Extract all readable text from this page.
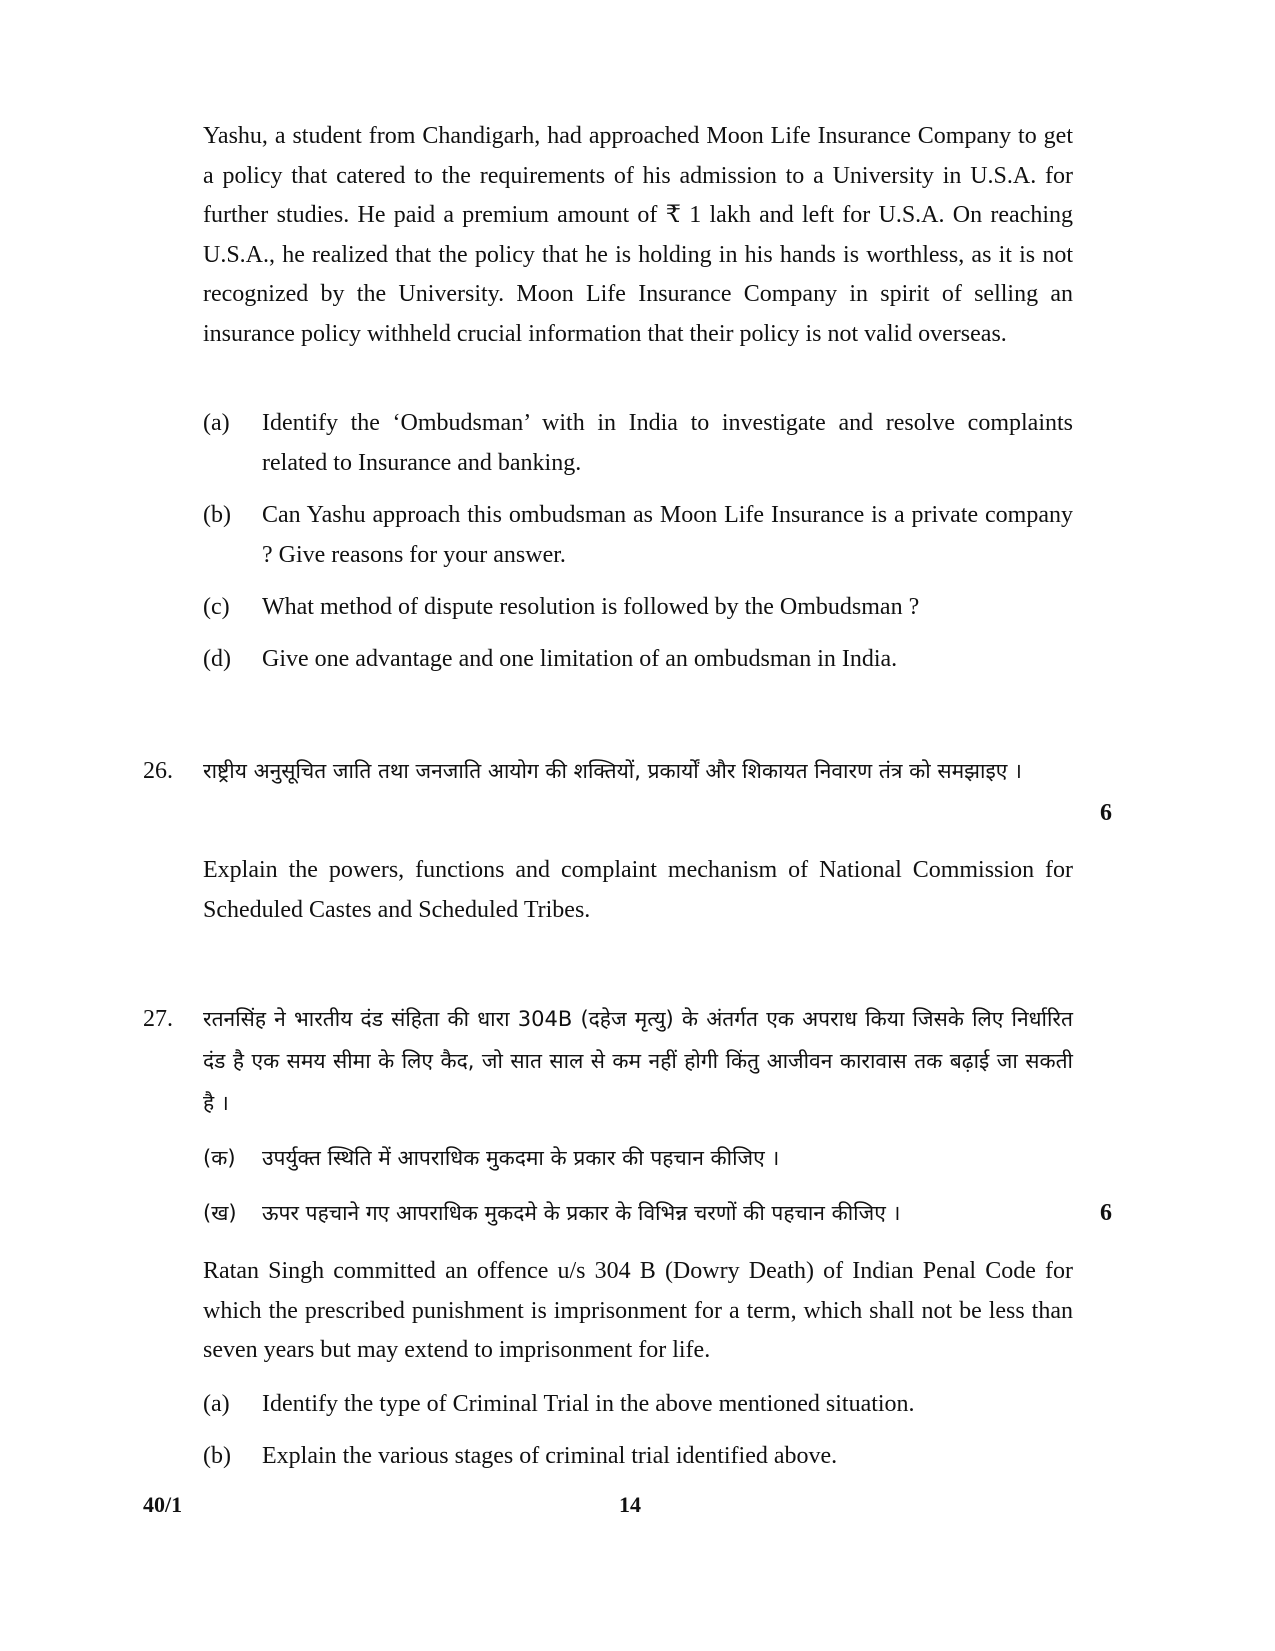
Yashu, a student from Chandigarh, had approached Moon Life Insurance Company to get a policy that catered to the requirements of his admission to a University in U.S.A. for further studies. He paid a premium amount of ₹ 1 lakh and left for U.S.A. On reaching U.S.A., he realized that the policy that he is holding in his hands is worthless, as it is not recognized by the University. Moon Life Insurance Company in spirit of selling an insurance policy withheld crucial information that their policy is not valid overseas.
(a) Identify the ‘Ombudsman’ with in India to investigate and resolve complaints related to Insurance and banking.
(b) Can Yashu approach this ombudsman as Moon Life Insurance is a private company ? Give reasons for your answer.
(c) What method of dispute resolution is followed by the Ombudsman ?
(d) Give one advantage and one limitation of an ombudsman in India.
26. राष्ट्रीय अनुसूचित जाति तथा जनजाति आयोग की शक्तियों, प्रकार्यों और शिकायत निवारण तंत्र को समझाइए ।
6
Explain the powers, functions and complaint mechanism of National Commission for Scheduled Castes and Scheduled Tribes.
27. रतनसिंह ने भारतीय दंड संहिता की धारा 304B (दहेज मृत्यु) के अंतर्गत एक अपराध किया जिसके लिए निर्धारित दंड है एक समय सीमा के लिए कैद, जो सात साल से कम नहीं होगी किंतु आजीवन कारावास तक बढ़ाई जा सकती है ।
(क) उपर्युक्त स्थिति में आपराधिक मुकदमा के प्रकार की पहचान कीजिए ।
(ख) ऊपर पहचाने गए आपराधिक मुकदमे के प्रकार के विभिन्न चरणों की पहचान कीजिए ।	6
Ratan Singh committed an offence u/s 304 B (Dowry Death) of Indian Penal Code for which the prescribed punishment is imprisonment for a term, which shall not be less than seven years but may extend to imprisonment for life.
(a) Identify the type of Criminal Trial in the above mentioned situation.
(b) Explain the various stages of criminal trial identified above.
40/1	14
